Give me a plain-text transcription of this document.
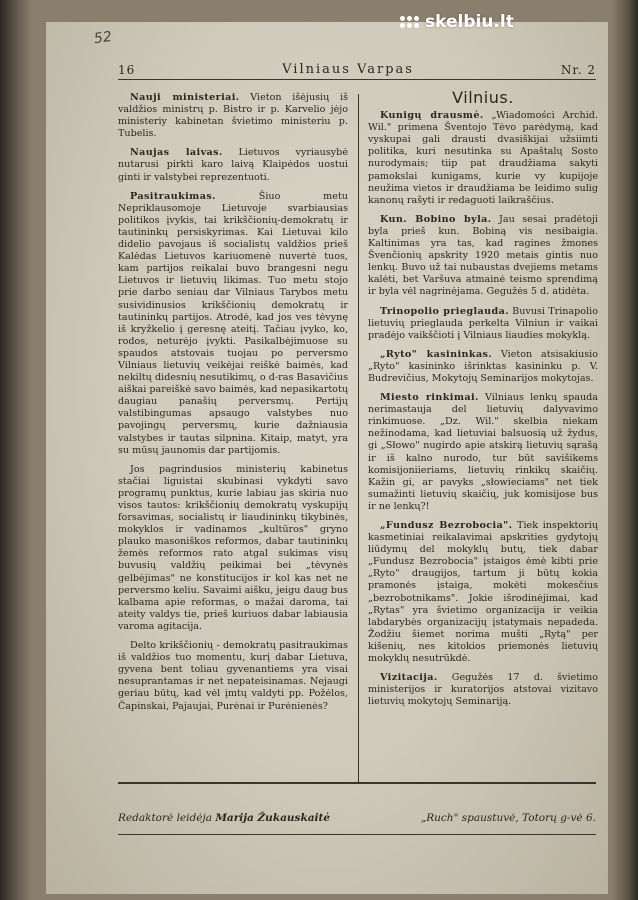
52
16	Vilniaus Varpas	Nr. 2

Nauji ministeriai. Vieton išėjusių iš valdžios ministrų p. Bistro ir p. Karvelio jėjo ministeriy kabinetan švietimo ministeriu p. Tubelis.

Naujas laivas. Lietuvos vyriausybė nutarusi pirkti karo laivą Klaipėdos uostui ginti ir valstybei reprezentuoti.

Pasitraukimas. Šiuo metu Nepriklausomoje Lietuvoje svarbiausias politikos įvykis, tai krikščionių-demokratų ir tautininkų persiskyrimas. Kai Lietuvai kilo didelio pavojaus iš socialistų valdžios prieš Kalėdas Lietuvos kariuomenė nuvertė tuos, kam partijos reikalai buvo brangesni negu Lietuvos ir lietuvių likimas. Tuo metu stojo prie darbo seniau dar Vilniaus Tarybos metu susividinusios krikščionių demokratų ir tautininkų partijos. Atrodė, kad jos ves tėvynę iš kryžkelio į geresnę ateitį. Tačiau įvyko, ko, rodos, neturėjo įvykti. Pasikalbėjimuose su spaudos atstovais tuojau po perversmo Vilniaus lietuvių veikėjai reiškė baimės, kad nekiltų didesnių nesutikimų, o d-ras Basavičius aiškai pareiškė savo baimės, kad nepasikartotų daugiau panašių perversmų. Pertijų valstibingumas apsaugo valstybes nuo pavojingų perversmų, kurie dažniausia valstybes ir tautas silpnina. Kitaip, matyt, yra su mūsų jaunomis dar partijomis.

Jos pagrindusios ministerių kabinetus stačiai liguistai skubinasi vykdyti savo programų punktus, kurie labiau jas skiria nuo visos tautos: krikščionių demokratų vyskupijų forsavimas, socialistų ir liaudininkų tikybinės, mokyklos ir vadinamos „kultūros" gryno plauko masoniškos reformos, dabar tautininkų žemės reformos rato atgal sukimas visų buvusių valdžių peikimai bei „tėvynės gelbėjimas" ne konstitucijos ir kol kas net ne perversmo keliu. Savaimi aišku, jeigu daug bus kalbama apie reformas, o mažai daroma, tai ateity valdys tie, prieš kuriuos dabar labiausia varoma agitacija.

Delto krikščionių - demokratų pasitraukimas iš valdžios tuo momentu, kurį dabar Lietuva, gyvena bent toliau gyvenantiems yra visai nesuprantamas ir net nepateisinamas. Nejaugi geriau būtų, kad vėl įmtų valdyti pp. Požėlos, Čapinskai, Pajaujai, Purėnai ir Purėnienės?

Vilnius.

Kunigų drausmė. „Wiadomości Archid. Wil." primena Šventojo Tėvo parėdymą, kad vyskupai gali drausti dvasiškijai užsiimti politika, kuri nesutinka su Apaštalų Sosto nurodymais; tiip pat draudžiama sakyti pamokslai kunigams, kurie vy kupijoje neužima vietos ir draudžiama be leidimo sulig kanonų rašyti ir redaguoti laikraščius.

Kun. Bobino byla. Jau sesai pradėtoji byla prieš kun. Bobiną vis nesibaigia. Kaltinimas yra tas, kad ragines žmones Švenčionių apskrity 1920 metais gintis nuo lenkų. Buvo už tai nubaustas dvejiems metams kalėti, bet Varšuva atmainė teismo sprendimą ir byla vėl nagrinėjama. Gegužės 5 d. atidėta.

Trinopolio prieglauda. Buvusi Trinapolio lietuvių prieglauda perkelta Vilniun ir vaikai pradėjo vaikščioti į Vilniaus liaudies mokyklą.

„Ryto" kasininkas. Vieton atsisakiusio „Ryto" kasininko išrinktas kasininku p. V. Budrevičius, Mokytojų Seminarijos mokytojas.

Miesto rinkimai. Vilniaus lenkų spauda nerimastauja del lietuvių dalyvavimo rinkimuose. „Dz. Wil." skelbia niekam nežinodama, kad lietuviai balsuosią už žydus, gi „Słowo" nugirdo apie atskirą lietuvių sąrašą ir iš kalno nurodo, tur būt savišikems komisijoniieriams, lietuvių rinkikų skaičių. Kažin gi, ar pavyks „słowieciams" net tiek sumažinti lietuvių skaičių, juk komisijose bus ir ne lenkų?!

„Fundusz Bezrobocia". Tiek inspektorių kasmetiniai reikalavimai apskrities gydytojų liūdymų del mokyklų butų, tiek dabar „Fundusz Bezrobocia" įstaigos ėmė kibti prie „Ryto" draugijos, tartum ji būtų kokia pramonės įstaiga, mokėti mokesčius „bezrobotnikams". Jokie išrodinėjimai, kad „Rytas" yra švietimo organizacija ir veikia labdarybės organizacijų įstatymais nepadeda. Žodžiu šiemet norima mušti „Rytą" per kišenių, nes kitokios priemonės lietuvių mokyklų nesutrūkdė.

Vizitacija. Gegužės 17 d. švietimo ministerijos ir kuratorijos atstovai vizitavo lietuvių mokytojų Seminariją.

Redaktorė leidėja Marija Žukauskaitė	„Ruch" spaustuvė, Totorų g-vė 6.
skelbiu.lt
